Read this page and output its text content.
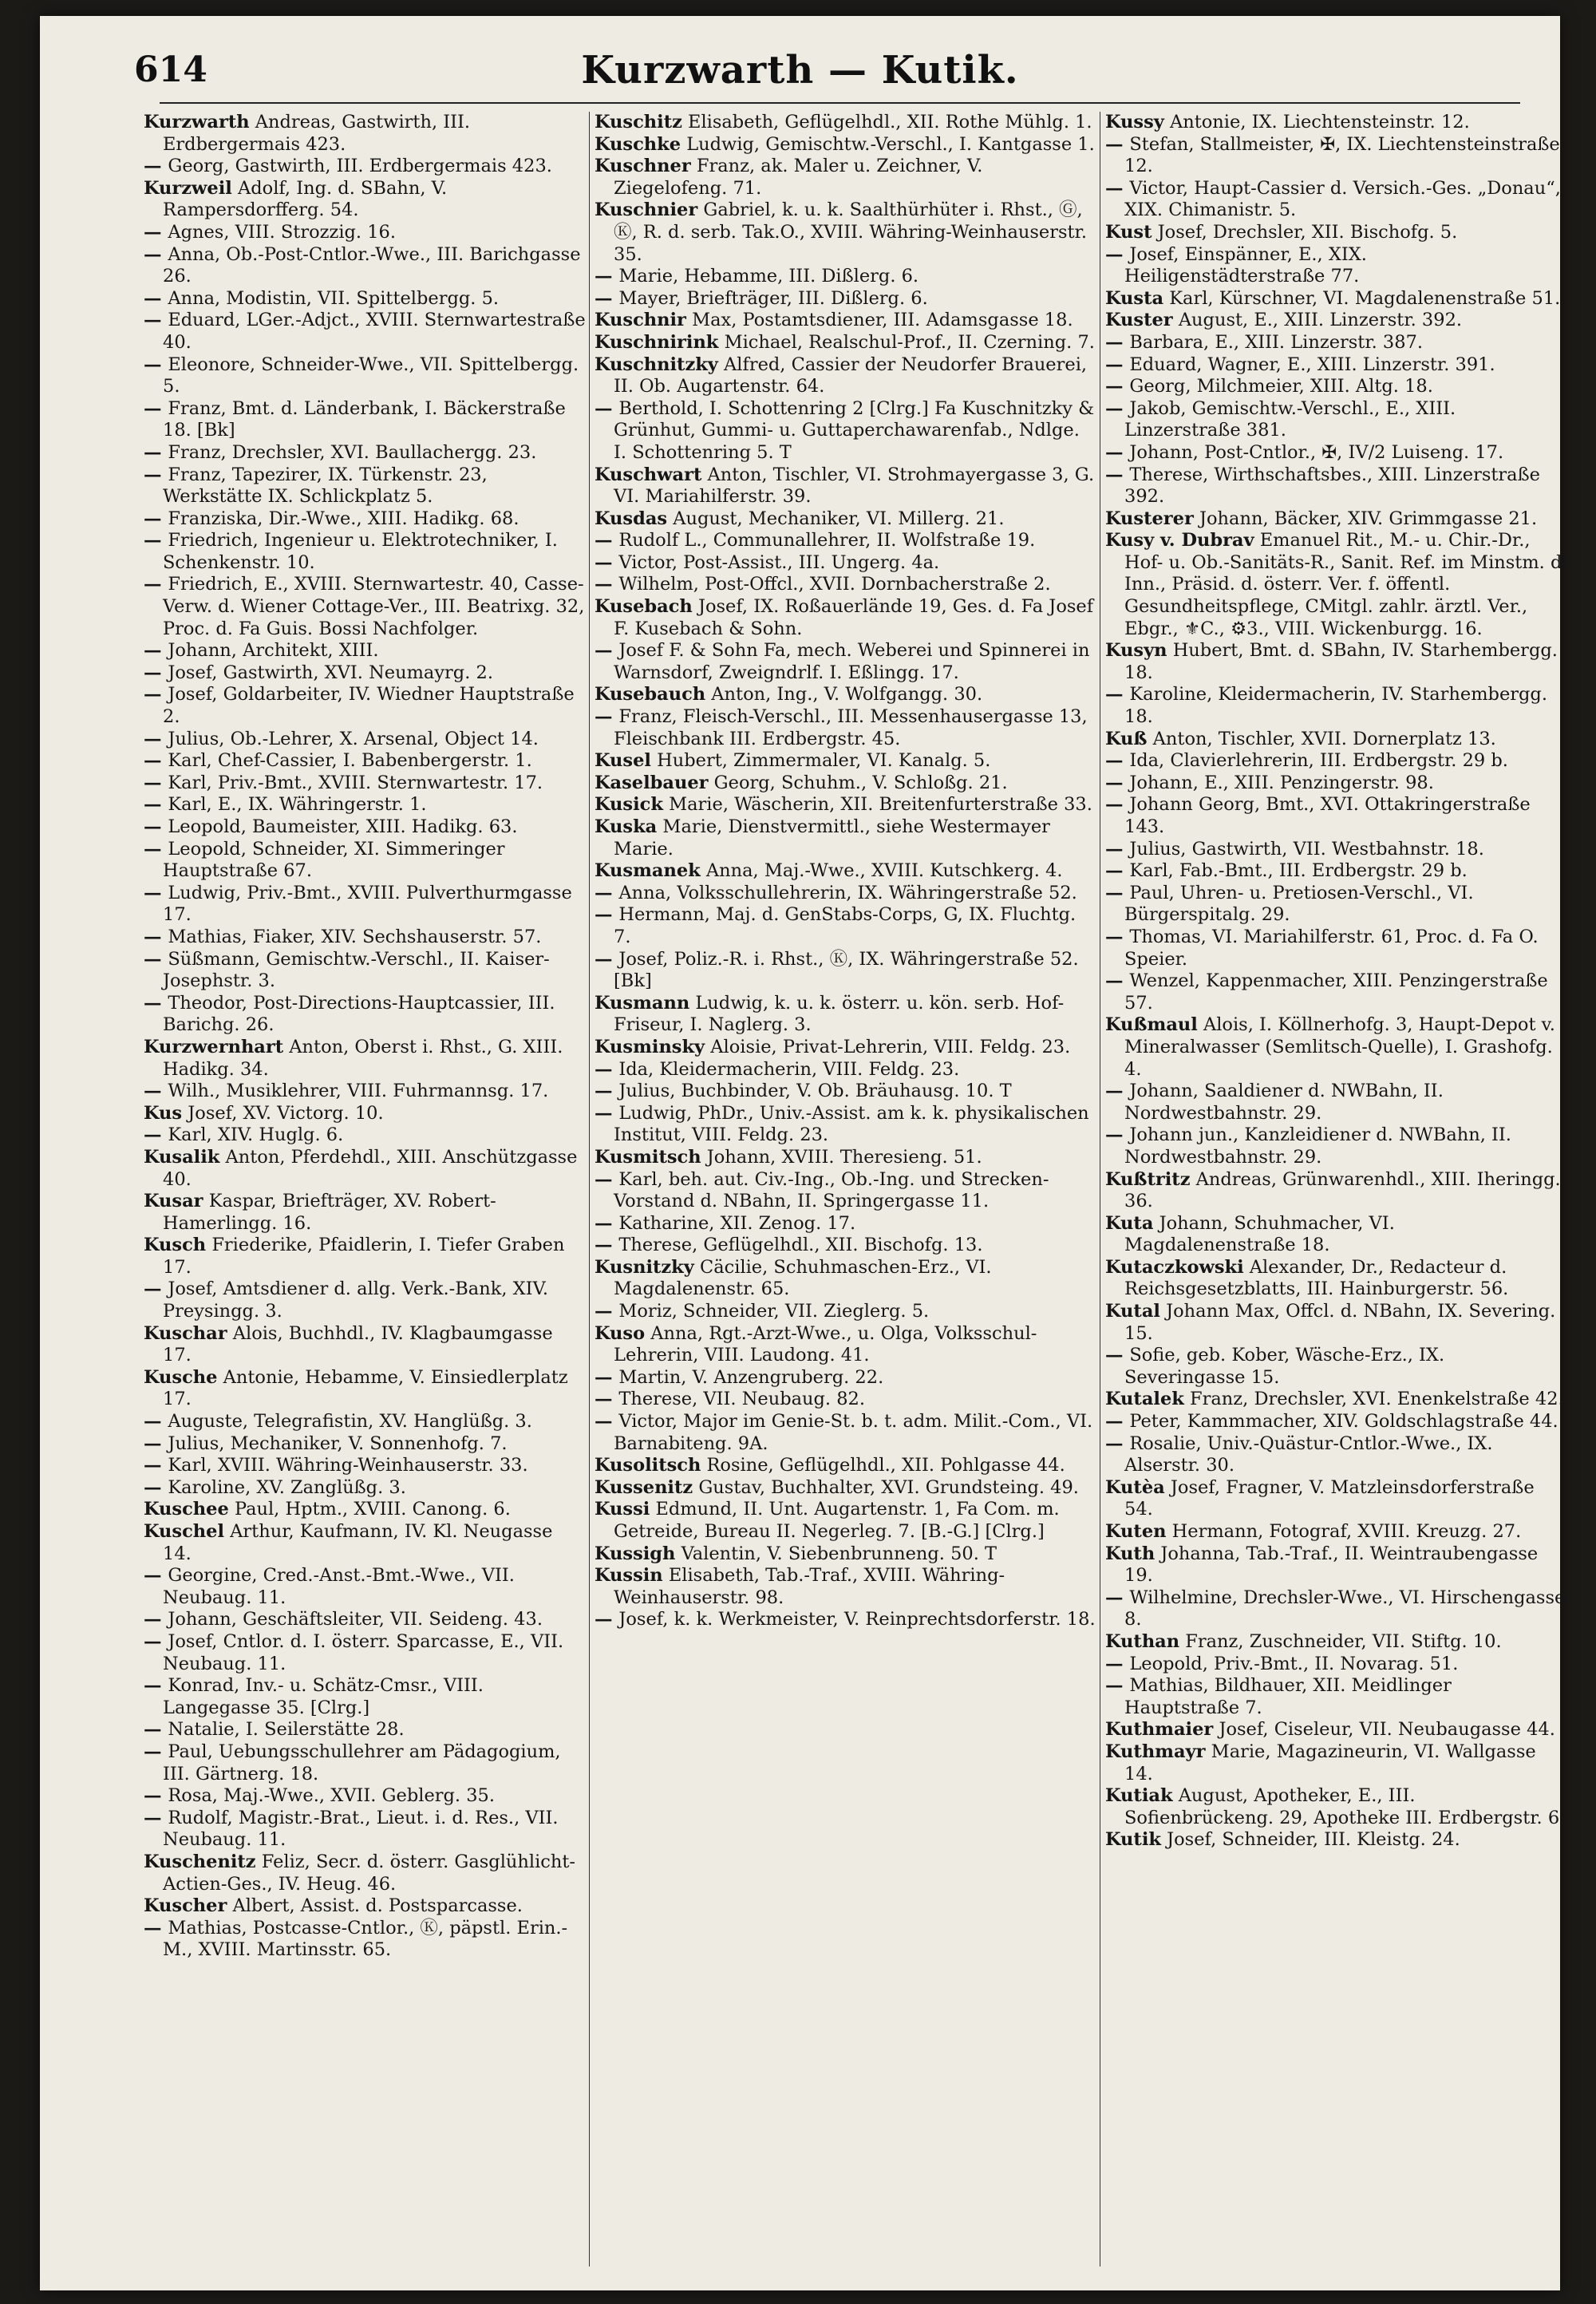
614	Kurzwarth — Kutik.

Kurzwarth Andreas, Gastwirth, III. Erdbergermais 423.

— Georg, Gastwirth, III. Erdbergermais 423.

Kurzweil Adolf, Ing. d. SBahn, V. Rampersdorfferg. 54.

— Agnes, VIII. Strozzig. 16.

— Anna, Ob.-Post-Cntlor.-Wwe., III. Barichgasse 26.

— Anna, Modistin, VII. Spittelbergg. 5.

— Eduard, LGer.-Adjct., XVIII. Sternwartestraße 40.

— Eleonore, Schneider-Wwe., VII. Spittelbergg. 5.

— Franz, Bmt. d. Länderbank, I. Bäckerstraße 18. [Bk]

— Franz, Drechsler, XVI. Baullachergg. 23.

— Franz, Tapezirer, IX. Türkenstr. 23, Werkstätte IX. Schlickplatz 5.

— Franziska, Dir.-Wwe., XIII. Hadikg. 68.

— Friedrich, Ingenieur u. Elektrotechniker, I. Schenkenstr. 10.

— Friedrich, E., XVIII. Sternwartestr. 40, Casse-Verw. d. Wiener Cottage-Ver., III. Beatrixg. 32, Proc. d. Fa Guis. Bossi Nachfolger.

— Johann, Architekt, XIII.

— Josef, Gastwirth, XVI. Neumayrg. 2.

— Josef, Goldarbeiter, IV. Wiedner Hauptstraße 2.

— Julius, Ob.-Lehrer, X. Arsenal, Object 14.

— Karl, Chef-Cassier, I. Babenbergerstr. 1.

— Karl, Priv.-Bmt., XVIII. Sternwartestr. 17.

— Karl, E., IX. Währingerstr. 1.

— Leopold, Baumeister, XIII. Hadikg. 63.

— Leopold, Schneider, XI. Simmeringer Hauptstraße 67.

— Ludwig, Priv.-Bmt., XVIII. Pulverthurmgasse 17.

— Mathias, Fiaker, XIV. Sechshauserstr. 57.

— Süßmann, Gemischtw.-Verschl., II. Kaiser-Josephstr. 3.

— Theodor, Post-Directions-Hauptcassier, III. Barichg. 26.

Kurzwernhart Anton, Oberst i. Rhst., G. XIII. Hadikg. 34.

— Wilh., Musiklehrer, VIII. Fuhrmannsg. 17.

Kus Josef, XV. Victorg. 10.

— Karl, XIV. Huglg. 6.

Kusalik Anton, Pferdehdl., XIII. Anschützgasse 40.

Kusar Kaspar, Briefträger, XV. Robert-Hamerlingg. 16.

Kusch Friederike, Pfaidlerin, I. Tiefer Graben 17.

— Josef, Amtsdiener d. allg. Verk.-Bank, XIV. Preysingg. 3.

Kuschar Alois, Buchhdl., IV. Klagbaumgasse 17.

Kusche Antonie, Hebamme, V. Einsiedlerplatz 17.

— Auguste, Telegrafistin, XV. Hanglüßg. 3.

— Julius, Mechaniker, V. Sonnenhofg. 7.

— Karl, XVIII. Währing-Weinhauserstr. 33.

— Karoline, XV. Zanglüßg. 3.

Kuschee Paul, Hptm., XVIII. Canong. 6.

Kuschel Arthur, Kaufmann, IV. Kl. Neugasse 14.

— Georgine, Cred.-Anst.-Bmt.-Wwe., VII. Neubaug. 11.

— Johann, Geschäftsleiter, VII. Seideng. 43.

— Josef, Cntlor. d. I. österr. Sparcasse, E., VII. Neubaug. 11.

— Konrad, Inv.- u. Schätz-Cmsr., VIII. Langegasse 35. [Clrg.]

— Natalie, I. Seilerstätte 28.

— Paul, Uebungsschullehrer am Pädagogium, III. Gärtnerg. 18.

— Rosa, Maj.-Wwe., XVII. Geblerg. 35.

— Rudolf, Magistr.-Brat., Lieut. i. d. Res., VII. Neubaug. 11.

Kuschenitz Feliz, Secr. d. österr. Gasglühlicht-Actien-Ges., IV. Heug. 46.

Kuscher Albert, Assist. d. Postsparcasse.

— Mathias, Postcasse-Cntlor., Ⓚ, päpstl. Erin.-M., XVIII. Martinsstr. 65.

Kuschitz Elisabeth, Geflügelhdl., XII. Rothe Mühlg. 1.

Kuschke Ludwig, Gemischtw.-Verschl., I. Kantgasse 1.

Kuschner Franz, ak. Maler u. Zeichner, V. Ziegelofeng. 71.

Kuschnier Gabriel, k. u. k. Saalthürhüter i. Rhst., Ⓖ, Ⓚ, R. d. serb. Tak.O., XVIII. Währing-Weinhauserstr. 35.

— Marie, Hebamme, III. Dißlerg. 6.

— Mayer, Briefträger, III. Dißlerg. 6.

Kuschnir Max, Postamtsdiener, III. Adamsgasse 18.

Kuschnirink Michael, Realschul-Prof., II. Czerning. 7.

Kuschnitzky Alfred, Cassier der Neudorfer Brauerei, II. Ob. Augartenstr. 64.

— Berthold, I. Schottenring 2 [Clrg.] Fa Kuschnitzky & Grünhut, Gummi- u. Guttaperchawarenfab., Ndlge. I. Schottenring 5. T

Kuschwart Anton, Tischler, VI. Strohmayergasse 3, G. VI. Mariahilferstr. 39.

Kusdas August, Mechaniker, VI. Millerg. 21.

— Rudolf L., Communallehrer, II. Wolfstraße 19.

— Victor, Post-Assist., III. Ungerg. 4a.

— Wilhelm, Post-Offcl., XVII. Dornbacherstraße 2.

Kusebach Josef, IX. Roßauerlände 19, Ges. d. Fa Josef F. Kusebach & Sohn.

— Josef F. & Sohn Fa, mech. Weberei und Spinnerei in Warnsdorf, Zweigndrlf. I. Eßlingg. 17.

Kusebauch Anton, Ing., V. Wolfgangg. 30.

— Franz, Fleisch-Verschl., III. Messenhausergasse 13, Fleischbank III. Erdbergstr. 45.

Kusel Hubert, Zimmermaler, VI. Kanalg. 5.

Kaselbauer Georg, Schuhm., V. Schloßg. 21.

Kusick Marie, Wäscherin, XII. Breitenfurterstraße 33.

Kuska Marie, Dienstvermittl., siehe Westermayer Marie.

Kusmanek Anna, Maj.-Wwe., XVIII. Kutschkerg. 4.

— Anna, Volksschullehrerin, IX. Währingerstraße 52.

— Hermann, Maj. d. GenStabs-Corps, G, IX. Fluchtg. 7.

— Josef, Poliz.-R. i. Rhst., Ⓚ, IX. Währingerstraße 52. [Bk]

Kusmann Ludwig, k. u. k. österr. u. kön. serb. Hof-Friseur, I. Naglerg. 3.

Kusminsky Aloisie, Privat-Lehrerin, VIII. Feldg. 23.

— Ida, Kleidermacherin, VIII. Feldg. 23.

— Julius, Buchbinder, V. Ob. Bräuhausg. 10. T

— Ludwig, PhDr., Univ.-Assist. am k. k. physikalischen Institut, VIII. Feldg. 23.

Kusmitsch Johann, XVIII. Theresieng. 51.

— Karl, beh. aut. Civ.-Ing., Ob.-Ing. und Strecken-Vorstand d. NBahn, II. Springergasse 11.

— Katharine, XII. Zenog. 17.

— Therese, Geflügelhdl., XII. Bischofg. 13.

Kusnitzky Cäcilie, Schuhmaschen-Erz., VI. Magdalenenstr. 65.

— Moriz, Schneider, VII. Zieglerg. 5.

Kuso Anna, Rgt.-Arzt-Wwe., u. Olga, Volksschul-Lehrerin, VIII. Laudong. 41.

— Martin, V. Anzengruberg. 22.

— Therese, VII. Neubaug. 82.

— Victor, Major im Genie-St. b. t. adm. Milit.-Com., VI. Barnabiteng. 9A.

Kusolitsch Rosine, Geflügelhdl., XII. Pohlgasse 44.

Kussenitz Gustav, Buchhalter, XVI. Grundsteing. 49.

Kussi Edmund, II. Unt. Augartenstr. 1, Fa Com. m. Getreide, Bureau II. Negerleg. 7. [B.-G.] [Clrg.]

Kussigh Valentin, V. Siebenbrunneng. 50. T

Kussin Elisabeth, Tab.-Traf., XVIII. Währing-Weinhauserstr. 98.

— Josef, k. k. Werkmeister, V. Reinprechtsdorferstr. 18.

Kussy Antonie, IX. Liechtensteinstr. 12.

— Stefan, Stallmeister, ✠, IX. Liechtensteinstraße 12.

— Victor, Haupt-Cassier d. Versich.-Ges. „Donau“, XIX. Chimanistr. 5.

Kust Josef, Drechsler, XII. Bischofg. 5.

— Josef, Einspänner, E., XIX. Heiligenstädterstraße 77.

Kusta Karl, Kürschner, VI. Magdalenenstraße 51.

Kuster August, E., XIII. Linzerstr. 392.

— Barbara, E., XIII. Linzerstr. 387.

— Eduard, Wagner, E., XIII. Linzerstr. 391.

— Georg, Milchmeier, XIII. Altg. 18.

— Jakob, Gemischtw.-Verschl., E., XIII. Linzerstraße 381.

— Johann, Post-Cntlor., ✠, IV/2 Luiseng. 17.

— Therese, Wirthschaftsbes., XIII. Linzerstraße 392.

Kusterer Johann, Bäcker, XIV. Grimmgasse 21.

Kusy v. Dubrav Emanuel Rit., M.- u. Chir.-Dr., Hof- u. Ob.-Sanitäts-R., Sanit. Ref. im Minstm. d. Inn., Präsid. d. österr. Ver. f. öffentl. Gesundheitspflege, CMitgl. zahlr. ärztl. Ver., Ebgr., ⚜C., ⚙3., VIII. Wickenburgg. 16.

Kusyn Hubert, Bmt. d. SBahn, IV. Starhembergg. 18.

— Karoline, Kleidermacherin, IV. Starhembergg. 18.

Kuß Anton, Tischler, XVII. Dornerplatz 13.

— Ida, Clavierlehrerin, III. Erdbergstr. 29 b.

— Johann, E., XIII. Penzingerstr. 98.

— Johann Georg, Bmt., XVI. Ottakringerstraße 143.

— Julius, Gastwirth, VII. Westbahnstr. 18.

— Karl, Fab.-Bmt., III. Erdbergstr. 29 b.

— Paul, Uhren- u. Pretiosen-Verschl., VI. Bürgerspitalg. 29.

— Thomas, VI. Mariahilferstr. 61, Proc. d. Fa O. Speier.

— Wenzel, Kappenmacher, XIII. Penzingerstraße 57.

Kußmaul Alois, I. Köllnerhofg. 3, Haupt-Depot v. Mineralwasser (Semlitsch-Quelle), I. Grashofg. 4.

— Johann, Saaldiener d. NWBahn, II. Nordwestbahnstr. 29.

— Johann jun., Kanzleidiener d. NWBahn, II. Nordwestbahnstr. 29.

Kußtritz Andreas, Grünwarenhdl., XIII. Iheringg. 36.

Kuta Johann, Schuhmacher, VI. Magdalenenstraße 18.

Kutaczkowski Alexander, Dr., Redacteur d. Reichsgesetzblatts, III. Hainburgerstr. 56.

Kutal Johann Max, Offcl. d. NBahn, IX. Severing. 15.

— Sofie, geb. Kober, Wäsche-Erz., IX. Severingasse 15.

Kutalek Franz, Drechsler, XVI. Enenkelstraße 42.

— Peter, Kammmacher, XIV. Goldschlagstraße 44.

— Rosalie, Univ.-Quästur-Cntlor.-Wwe., IX. Alserstr. 30.

Kutèa Josef, Fragner, V. Matzleinsdorferstraße 54.

Kuten Hermann, Fotograf, XVIII. Kreuzg. 27.

Kuth Johanna, Tab.-Traf., II. Weintraubengasse 19.

— Wilhelmine, Drechsler-Wwe., VI. Hirschengasse 8.

Kuthan Franz, Zuschneider, VII. Stiftg. 10.

— Leopold, Priv.-Bmt., II. Novarag. 51.

— Mathias, Bildhauer, XII. Meidlinger Hauptstraße 7.

Kuthmaier Josef, Ciseleur, VII. Neubaugasse 44.

Kuthmayr Marie, Magazineurin, VI. Wallgasse 14.

Kutiak August, Apotheker, E., III. Sofienbrückeng. 29, Apotheke III. Erdbergstr. 6.

Kutik Josef, Schneider, III. Kleistg. 24.
